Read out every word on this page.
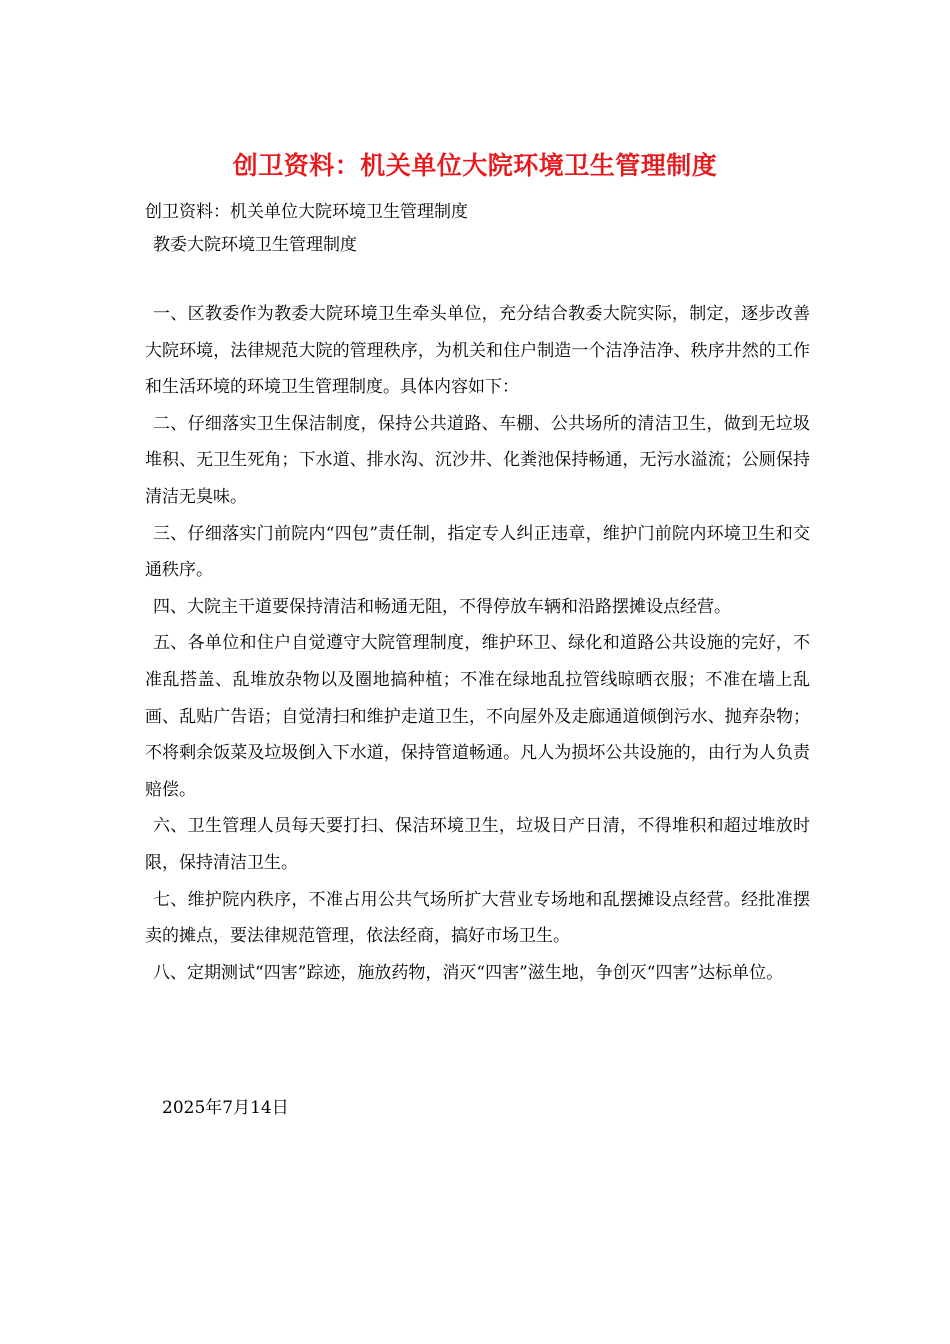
创卫资料：机关单位大院环境卫生管理制度
创卫资料：机关单位大院环境卫生管理制度
教委大院环境卫生管理制度

一、区教委作为教委大院环境卫生牵头单位，充分结合教委大院实际，制定，逐步改善大院环境，法律规范大院的管理秩序，为机关和住户制造一个洁净洁净、秩序井然的工作和生活环境的环境卫生管理制度。具体内容如下：

二、仔细落实卫生保洁制度，保持公共道路、车棚、公共场所的清洁卫生，做到无垃圾堆积、无卫生死角；下水道、排水沟、沉沙井、化粪池保持畅通，无污水溢流；公厕保持清洁无臭味。

三、仔细落实门前院内“四包”责任制，指定专人纠正违章，维护门前院内环境卫生和交通秩序。

四、大院主干道要保持清洁和畅通无阻，不得停放车辆和沿路摆摊设点经营。

五、各单位和住户自觉遵守大院管理制度，维护环卫、绿化和道路公共设施的完好，不准乱搭盖、乱堆放杂物以及圈地搞种植；不准在绿地乱拉管线晾晒衣服；不准在墙上乱画、乱贴广告语；自觉清扫和维护走道卫生，不向屋外及走廊通道倾倒污水、抛弃杂物；不将剩余饭菜及垃圾倒入下水道，保持管道畅通。凡人为损坏公共设施的，由行为人负责赔偿。

六、卫生管理人员每天要打扫、保洁环境卫生，垃圾日产日清，不得堆积和超过堆放时限，保持清洁卫生。

七、维护院内秩序，不准占用公共气场所扩大营业专场地和乱摆摊设点经营。经批准摆卖的摊点，要法律规范管理，依法经商，搞好市场卫生。

八、定期测试“四害”踪迹，施放药物，消灭“四害”滋生地，争创灭“四害”达标单位。

2025年7月14日
